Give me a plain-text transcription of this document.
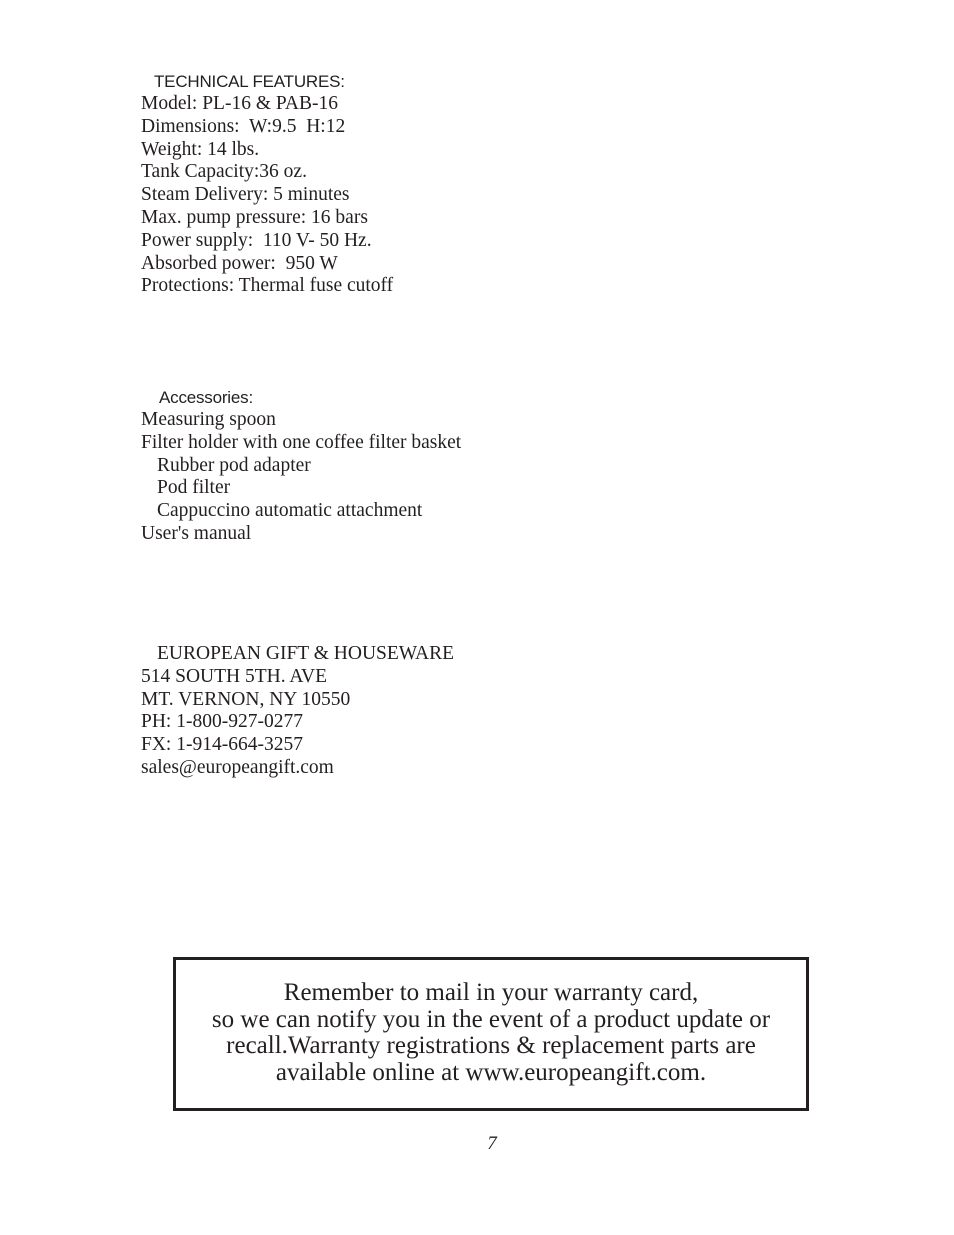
TECHNICAL FEATURES:
Model: PL-16 & PAB-16
Dimensions:  W:9.5  H:12
Weight: 14 lbs.
Tank Capacity:36 oz.
Steam Delivery: 5 minutes
Max. pump pressure: 16 bars
Power supply:  110 V- 50 Hz.
Absorbed power:  950 W
Protections: Thermal fuse cutoff
Accessories:
Measuring spoon
Filter holder with one coffee filter basket
Rubber pod adapter
Pod filter
Cappuccino automatic attachment
User's manual
EUROPEAN GIFT & HOUSEWARE
514 SOUTH 5TH. AVE
MT. VERNON, NY 10550
PH: 1-800-927-0277
FX: 1-914-664-3257
sales@europeangift.com
Remember to mail in your warranty card,
so we can notify you in the event of a product update or
recall.Warranty registrations & replacement parts are
available online at www.europeangift.com.
7
